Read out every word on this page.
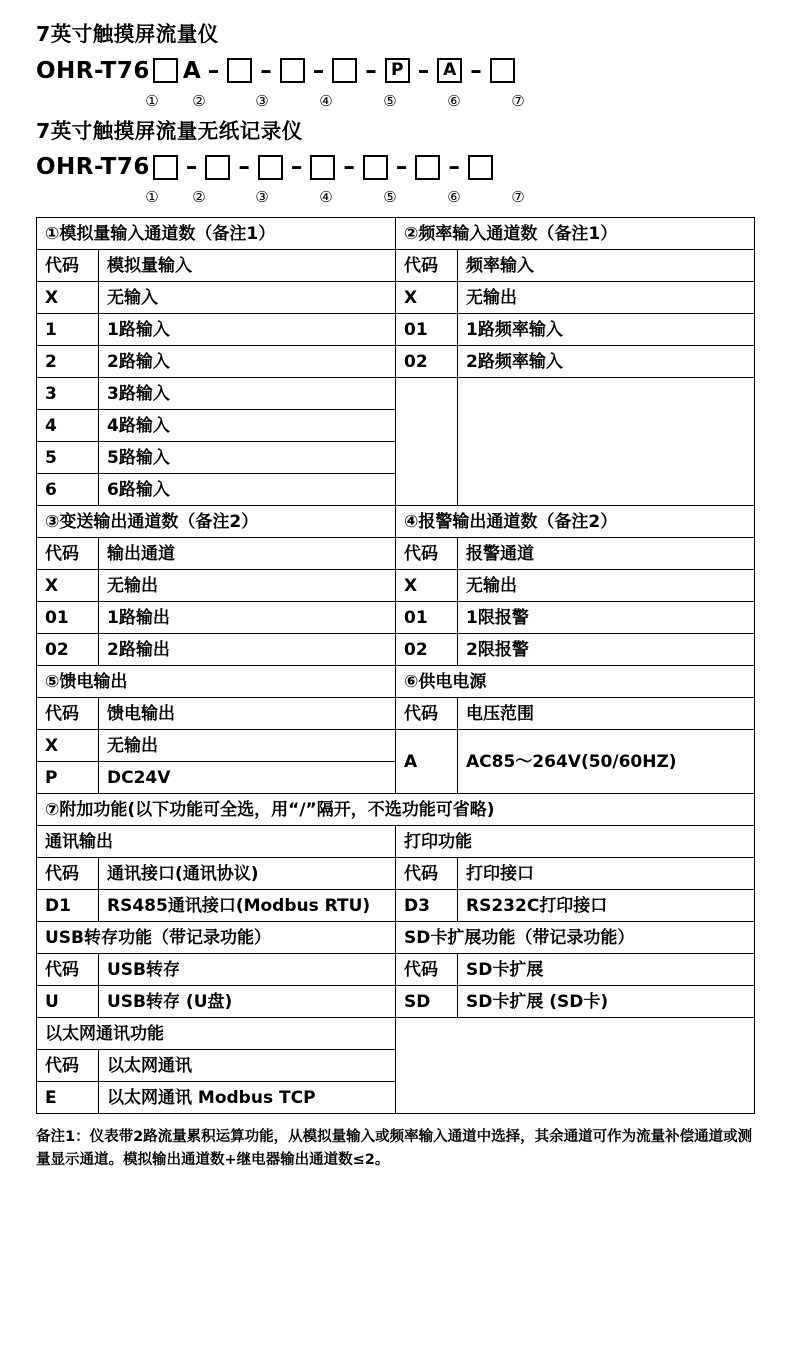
7英寸触摸屏流量仪
OHR-T76 A – – – – P – A –
①	②	③	④	⑤	⑥	⑦
7英寸触摸屏流量无纸记录仪
OHR-T76 – – – – – –
①	②	③	④	⑤	⑥	⑦
①模拟量输入通道数（备注1）		②频率输入通道数（备注1）	
代码	模拟量输入	代码	频率输入
X	无输入	X	无输出
1	1路输入	01	1路频率输入
2	2路输入	02	2路频率输入
3	3路输入		
4	4路输入		
5	5路输入		
6	6路输入		
③变送输出通道数（备注2）		④报警输出通道数（备注2）	
代码	输出通道	代码	报警通道
X	无输出	X	无输出
01	1路输出	01	1限报警
02	2路输出	02	2限报警
⑤馈电输出		⑥供电电源	
代码	馈电输出	代码	电压范围
X	无输出	A	AC85～264V(50/60HZ)
P	DC24V		
⑦附加功能(以下功能可全选，用“/”隔开，不选功能可省略)			
通讯输出		打印功能	
代码	通讯接口(通讯协议)	代码	打印接口
D1	RS485通讯接口(Modbus RTU)	D3	RS232C打印接口
USB转存功能（带记录功能）		SD卡扩展功能（带记录功能）	
代码	USB转存	代码	SD卡扩展
U	USB转存 (U盘)	SD	SD卡扩展 (SD卡)
以太网通讯功能			
代码	以太网通讯		
E	以太网通讯 Modbus TCP		
备注1：仪表带2路流量累积运算功能，从模拟量输入或频率输入通道中选择，其余通道可作为流量补偿通道或测量显示通道。模拟输出通道数+继电器输出通道数≤2。
